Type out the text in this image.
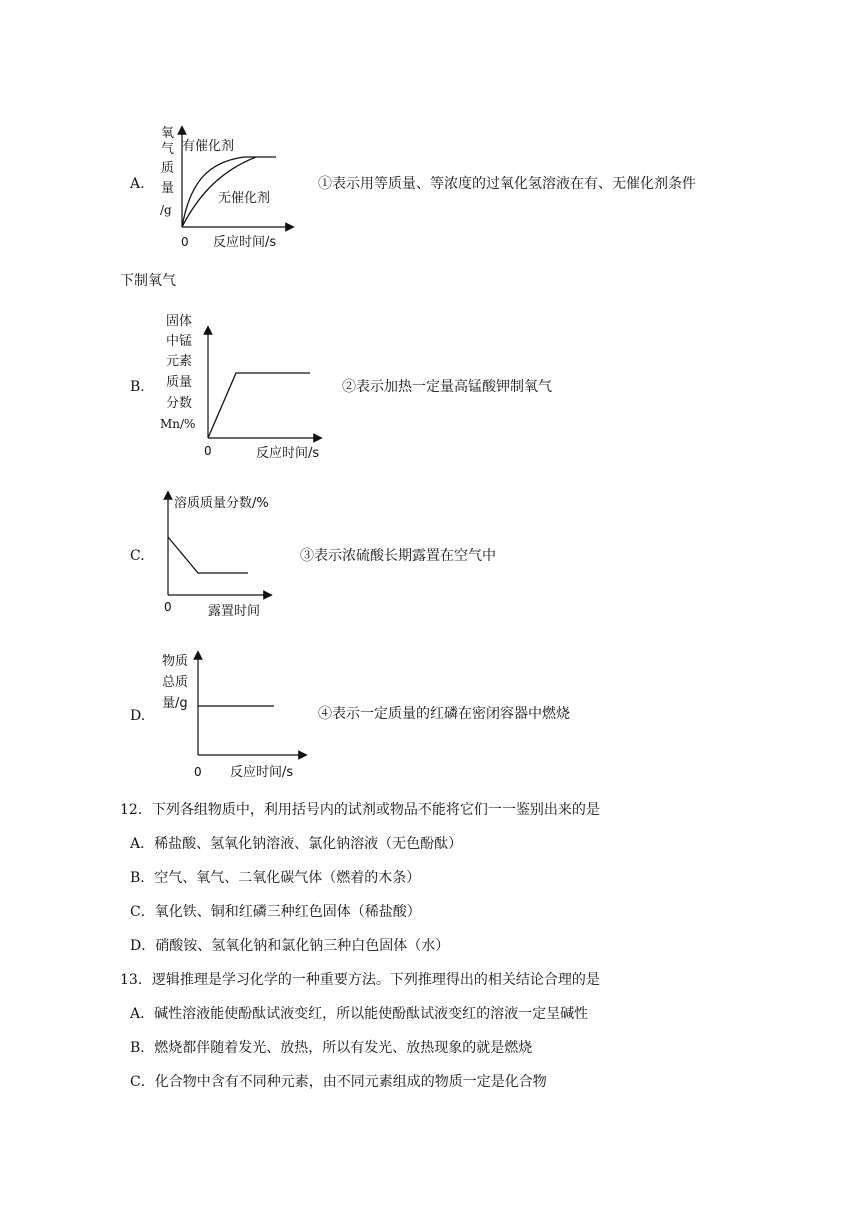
A.
氧
气
质
量
/g
有催化剂
无催化剂
0 反应时间/s
①表示用等质量、等浓度的过氧化氢溶液在有、无催化剂条件
下制氧气
B.
固体
中锰
元素
质量
分数
Mn/%
0	反应时间/s
②表示加热一定量高锰酸钾制氧气
C.
溶质质量分数/%
0	露置时间
③表示浓硫酸长期露置在空气中
D.
物质
总质
量/g
0 反应时间/s
④表示一定质量的红磷在密闭容器中燃烧
12．下列各组物质中，利用括号内的试剂或物品不能将它们一一鉴别出来的是
A．稀盐酸、氢氧化钠溶液、氯化钠溶液（无色酚酞）
B．空气、氧气、二氧化碳气体（燃着的木条）
C．氧化铁、铜和红磷三种红色固体（稀盐酸）
D．硝酸铵、氢氧化钠和氯化钠三种白色固体（水）
13．逻辑推理是学习化学的一种重要方法。下列推理得出的相关结论合理的是
A．碱性溶液能使酚酞试液变红，所以能使酚酞试液变红的溶液一定呈碱性
B．燃烧都伴随着发光、放热，所以有发光、放热现象的就是燃烧
C．化合物中含有不同种元素，由不同元素组成的物质一定是化合物
